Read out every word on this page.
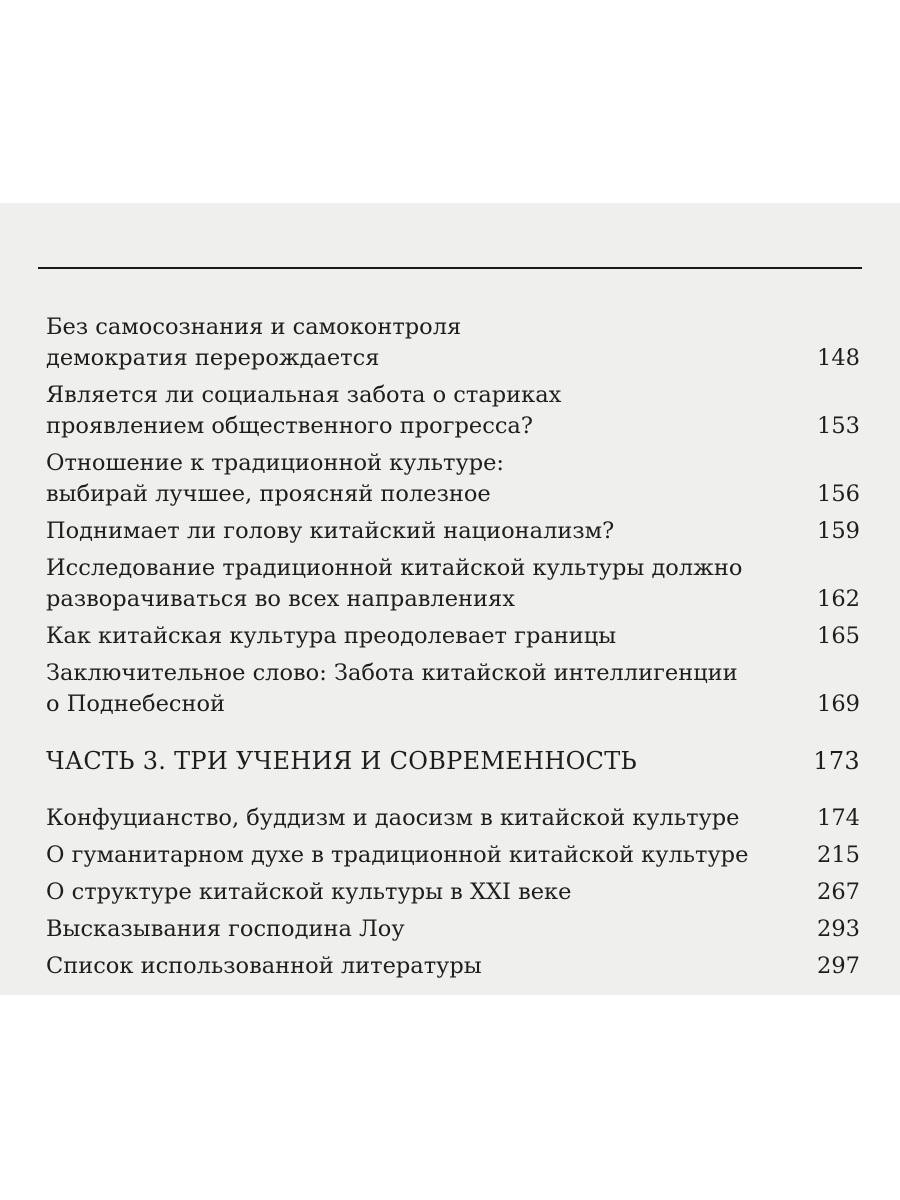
Без самосознания и самоконтроля
демократия перерождается	148
Является ли социальная забота о стариках
проявлением общественного прогресса?	153
Отношение к традиционной культуре:
выбирай лучшее, проясняй полезное	156
Поднимает ли голову китайский национализм?	159
Исследование традиционной китайской культуры должно
разворачиваться во всех направлениях	162
Как китайская культура преодолевает границы	165
Заключительное слово: Забота китайской интеллигенции
о Поднебесной	169
ЧАСТЬ 3. ТРИ УЧЕНИЯ И СОВРЕМЕННОСТЬ	173
Конфуцианство, буддизм и даосизм в китайской культуре	174
О гуманитарном духе в традиционной китайской культуре	215
О структуре китайской культуры в XXI веке	267
Высказывания господина Лоу	293
Список использованной литературы	297
